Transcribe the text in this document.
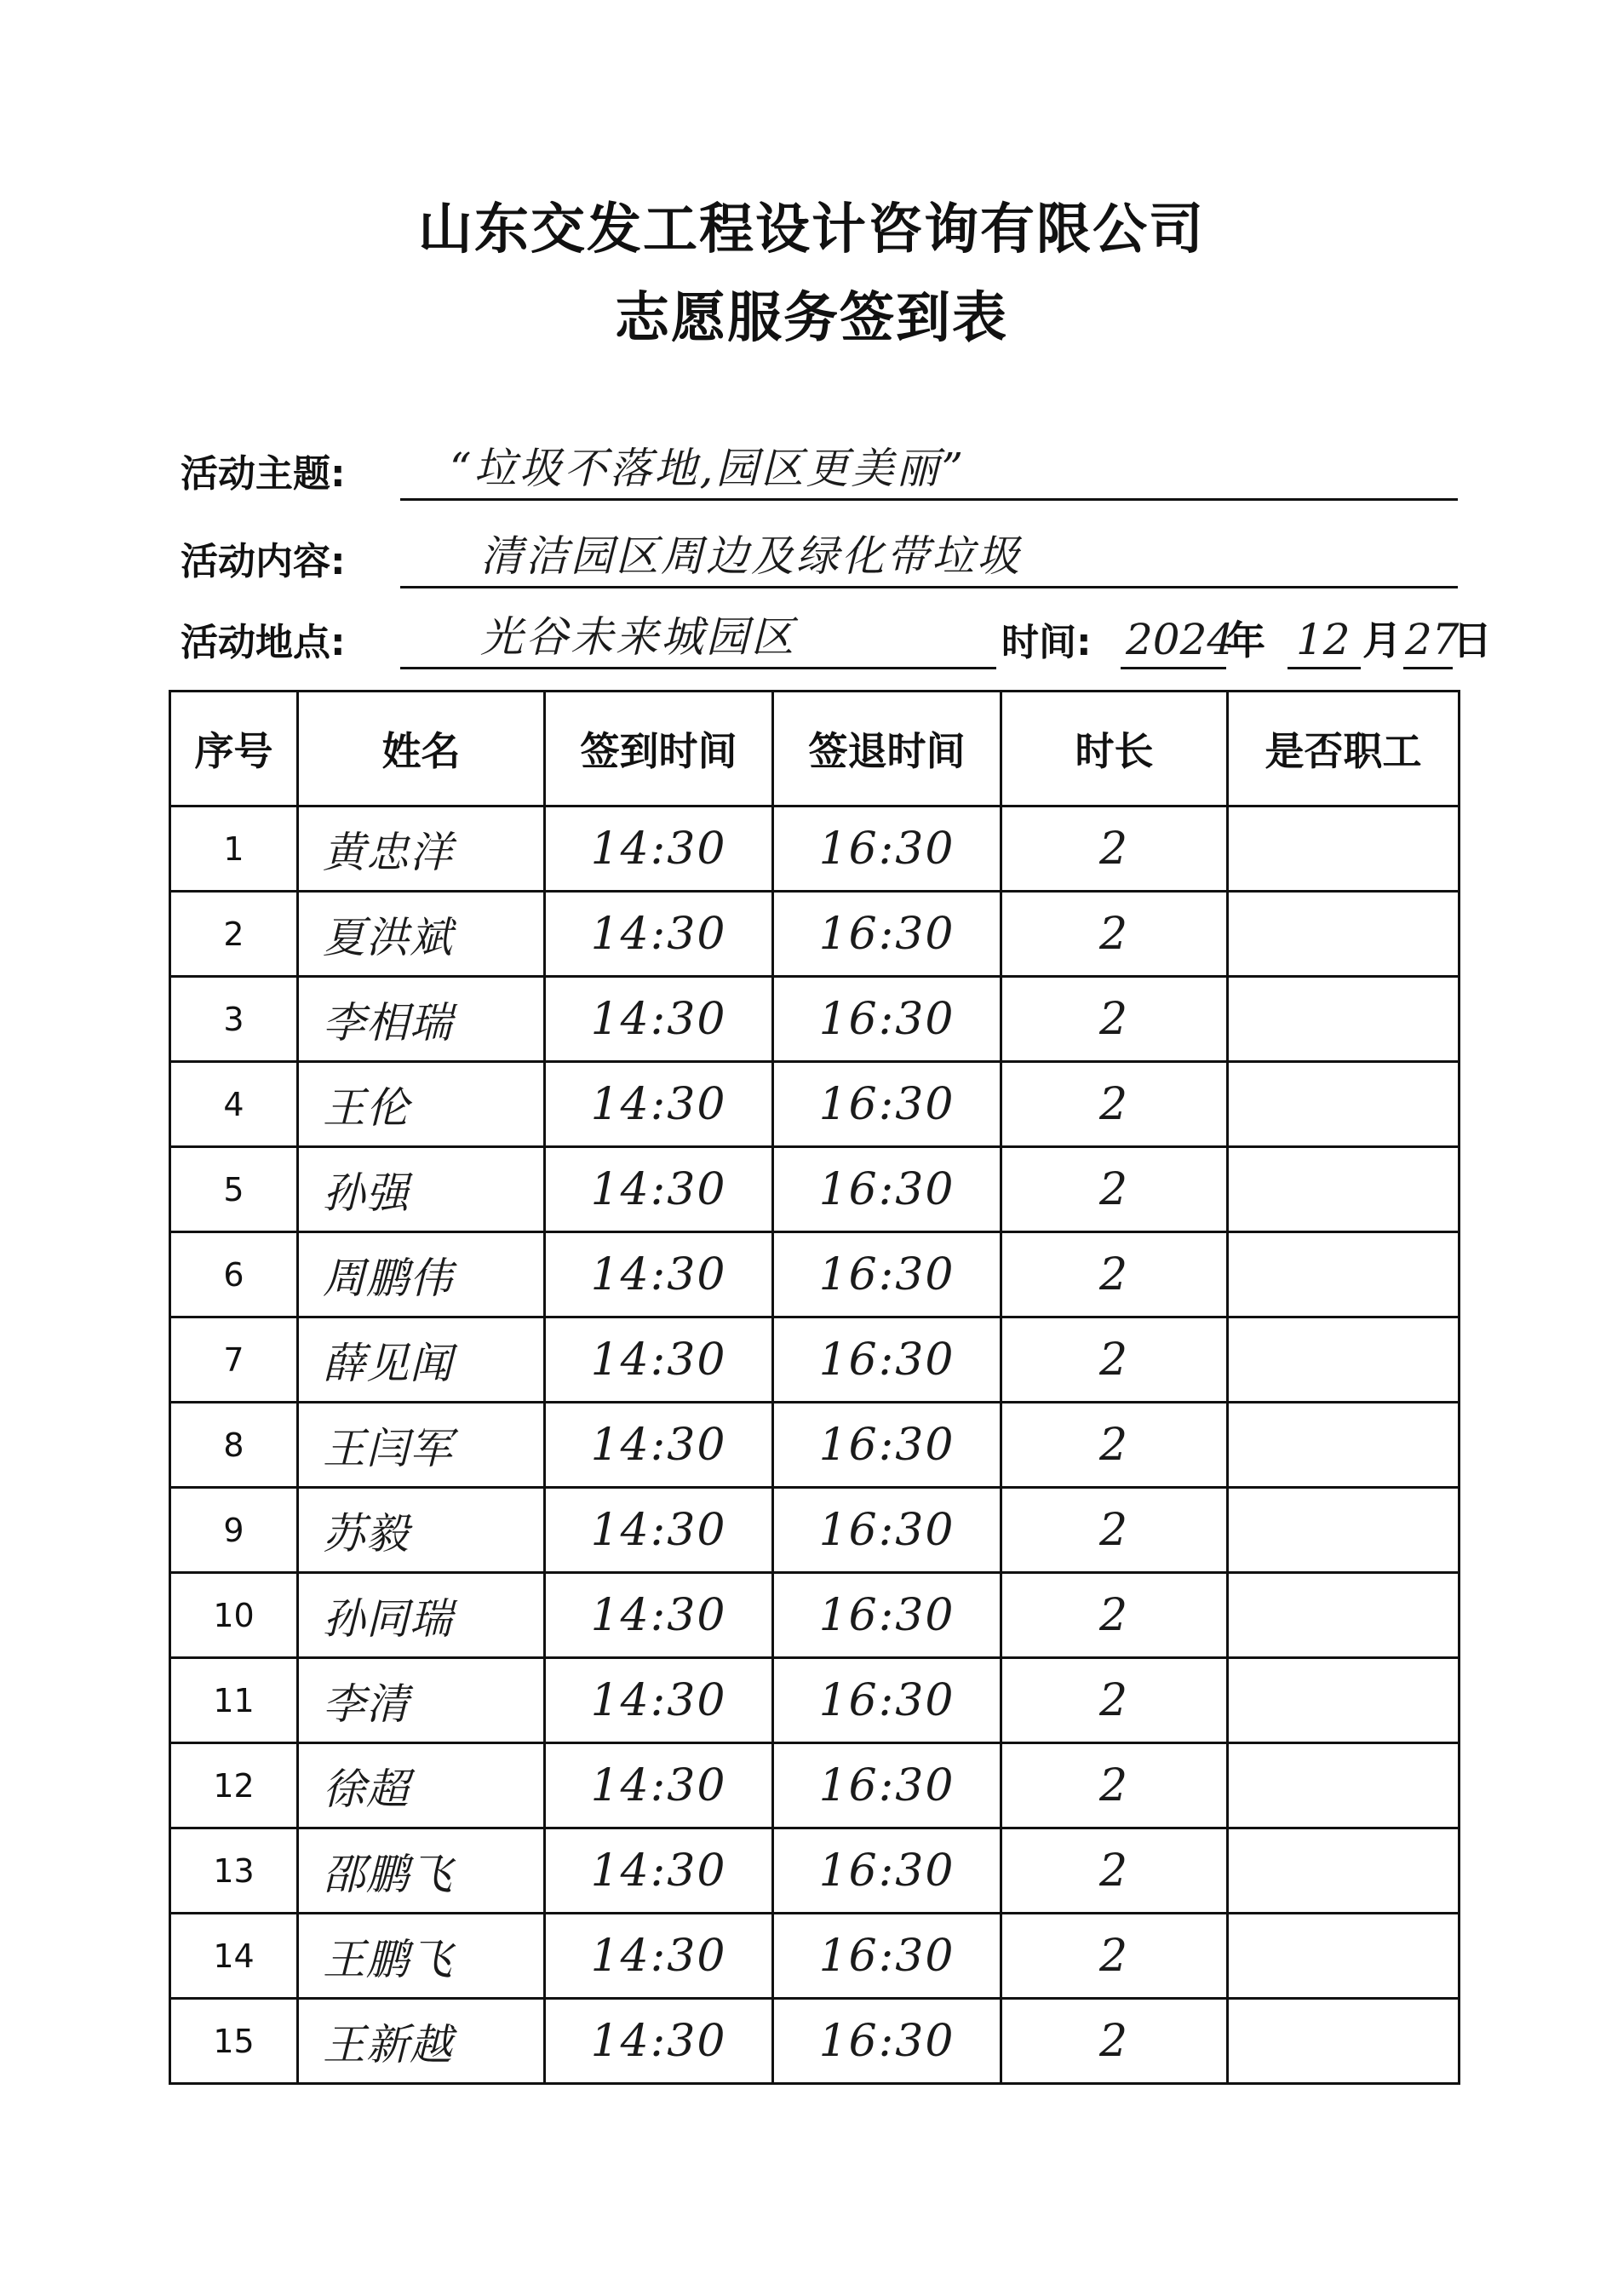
山东交发工程设计咨询有限公司
志愿服务签到表
活动主题: “垃圾不落地,园区更美丽”
活动内容:	清洁园区周边及绿化带垃圾
活动地点:	光谷未来城园区	时间: 2024
年 12 月 27
日
序号	姓名	签到时间	签退时间	时长	是否职工
1	黄忠洋	14:30	16:30	2	
2	夏洪斌	14:30	16:30	2	
3	李相瑞	14:30	16:30	2	
4	王伦	14:30	16:30	2	
5	孙强	14:30	16:30	2	
6	周鹏伟	14:30	16:30	2	
7	薛见闻	14:30	16:30	2	
8	王闫军	14:30	16:30	2	
9	苏毅	14:30	16:30	2	
10	孙同瑞	14:30	16:30	2	
11	李清	14:30	16:30	2	
12	徐超	14:30	16:30	2	
13	邵鹏飞	14:30	16:30	2	
14	王鹏飞	14:30	16:30	2	
15	王新越	14:30	16:30	2	
